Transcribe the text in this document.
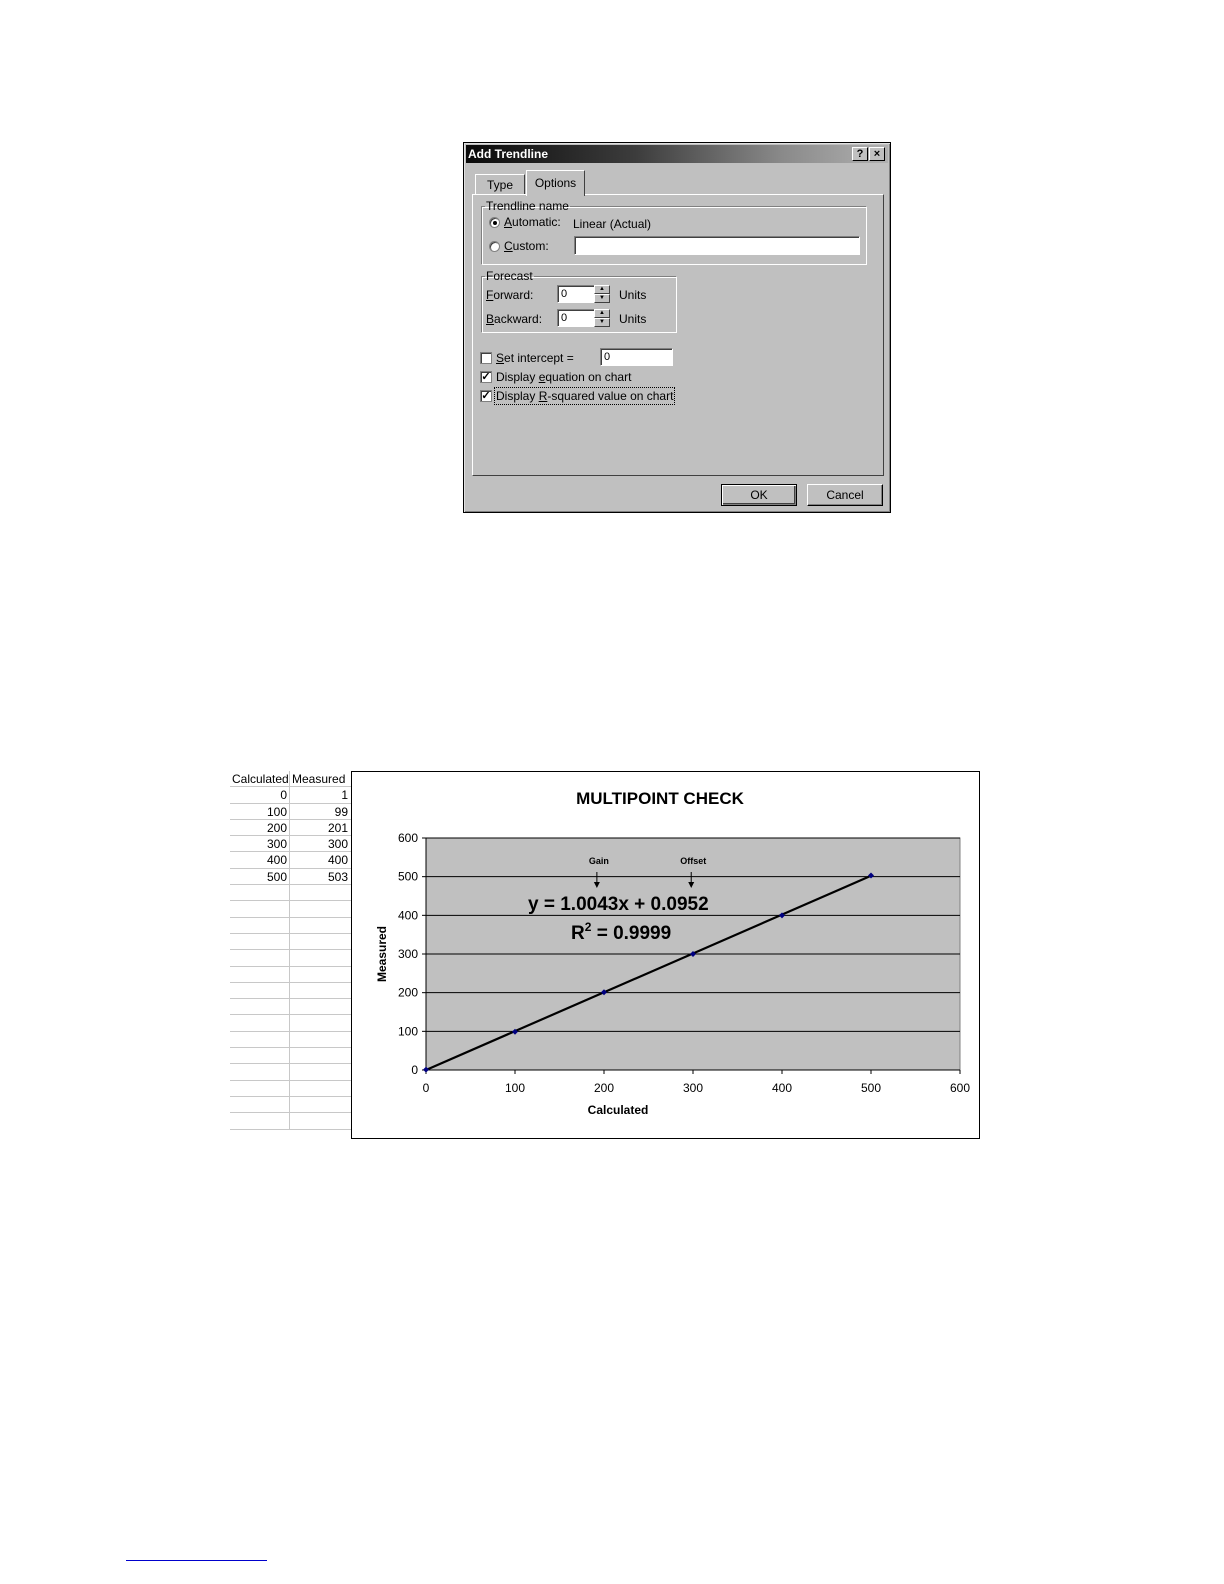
Add Trendline	? ×
Type	Options
Trendline name
Automatic: Linear (Actual)
Custom:
Forecast
Forward:	0	▲
▼	Units
Backward:	0	▲
▼	Units
Set intercept =	0
✓ Display equation on chart
✓ Display R-squared value on chart
OK	Cancel
Calculated Measured
0	1
100	99
200	201
300	300
400	400
500	503
MULTIPOINT CHECK
0
100
200
300
400
500
600
0	100	200	300	400	500	600
Calculated
Measured
y = 1.0043x + 0.0952
$R^2 = 0.9999$
Gain	Offset
